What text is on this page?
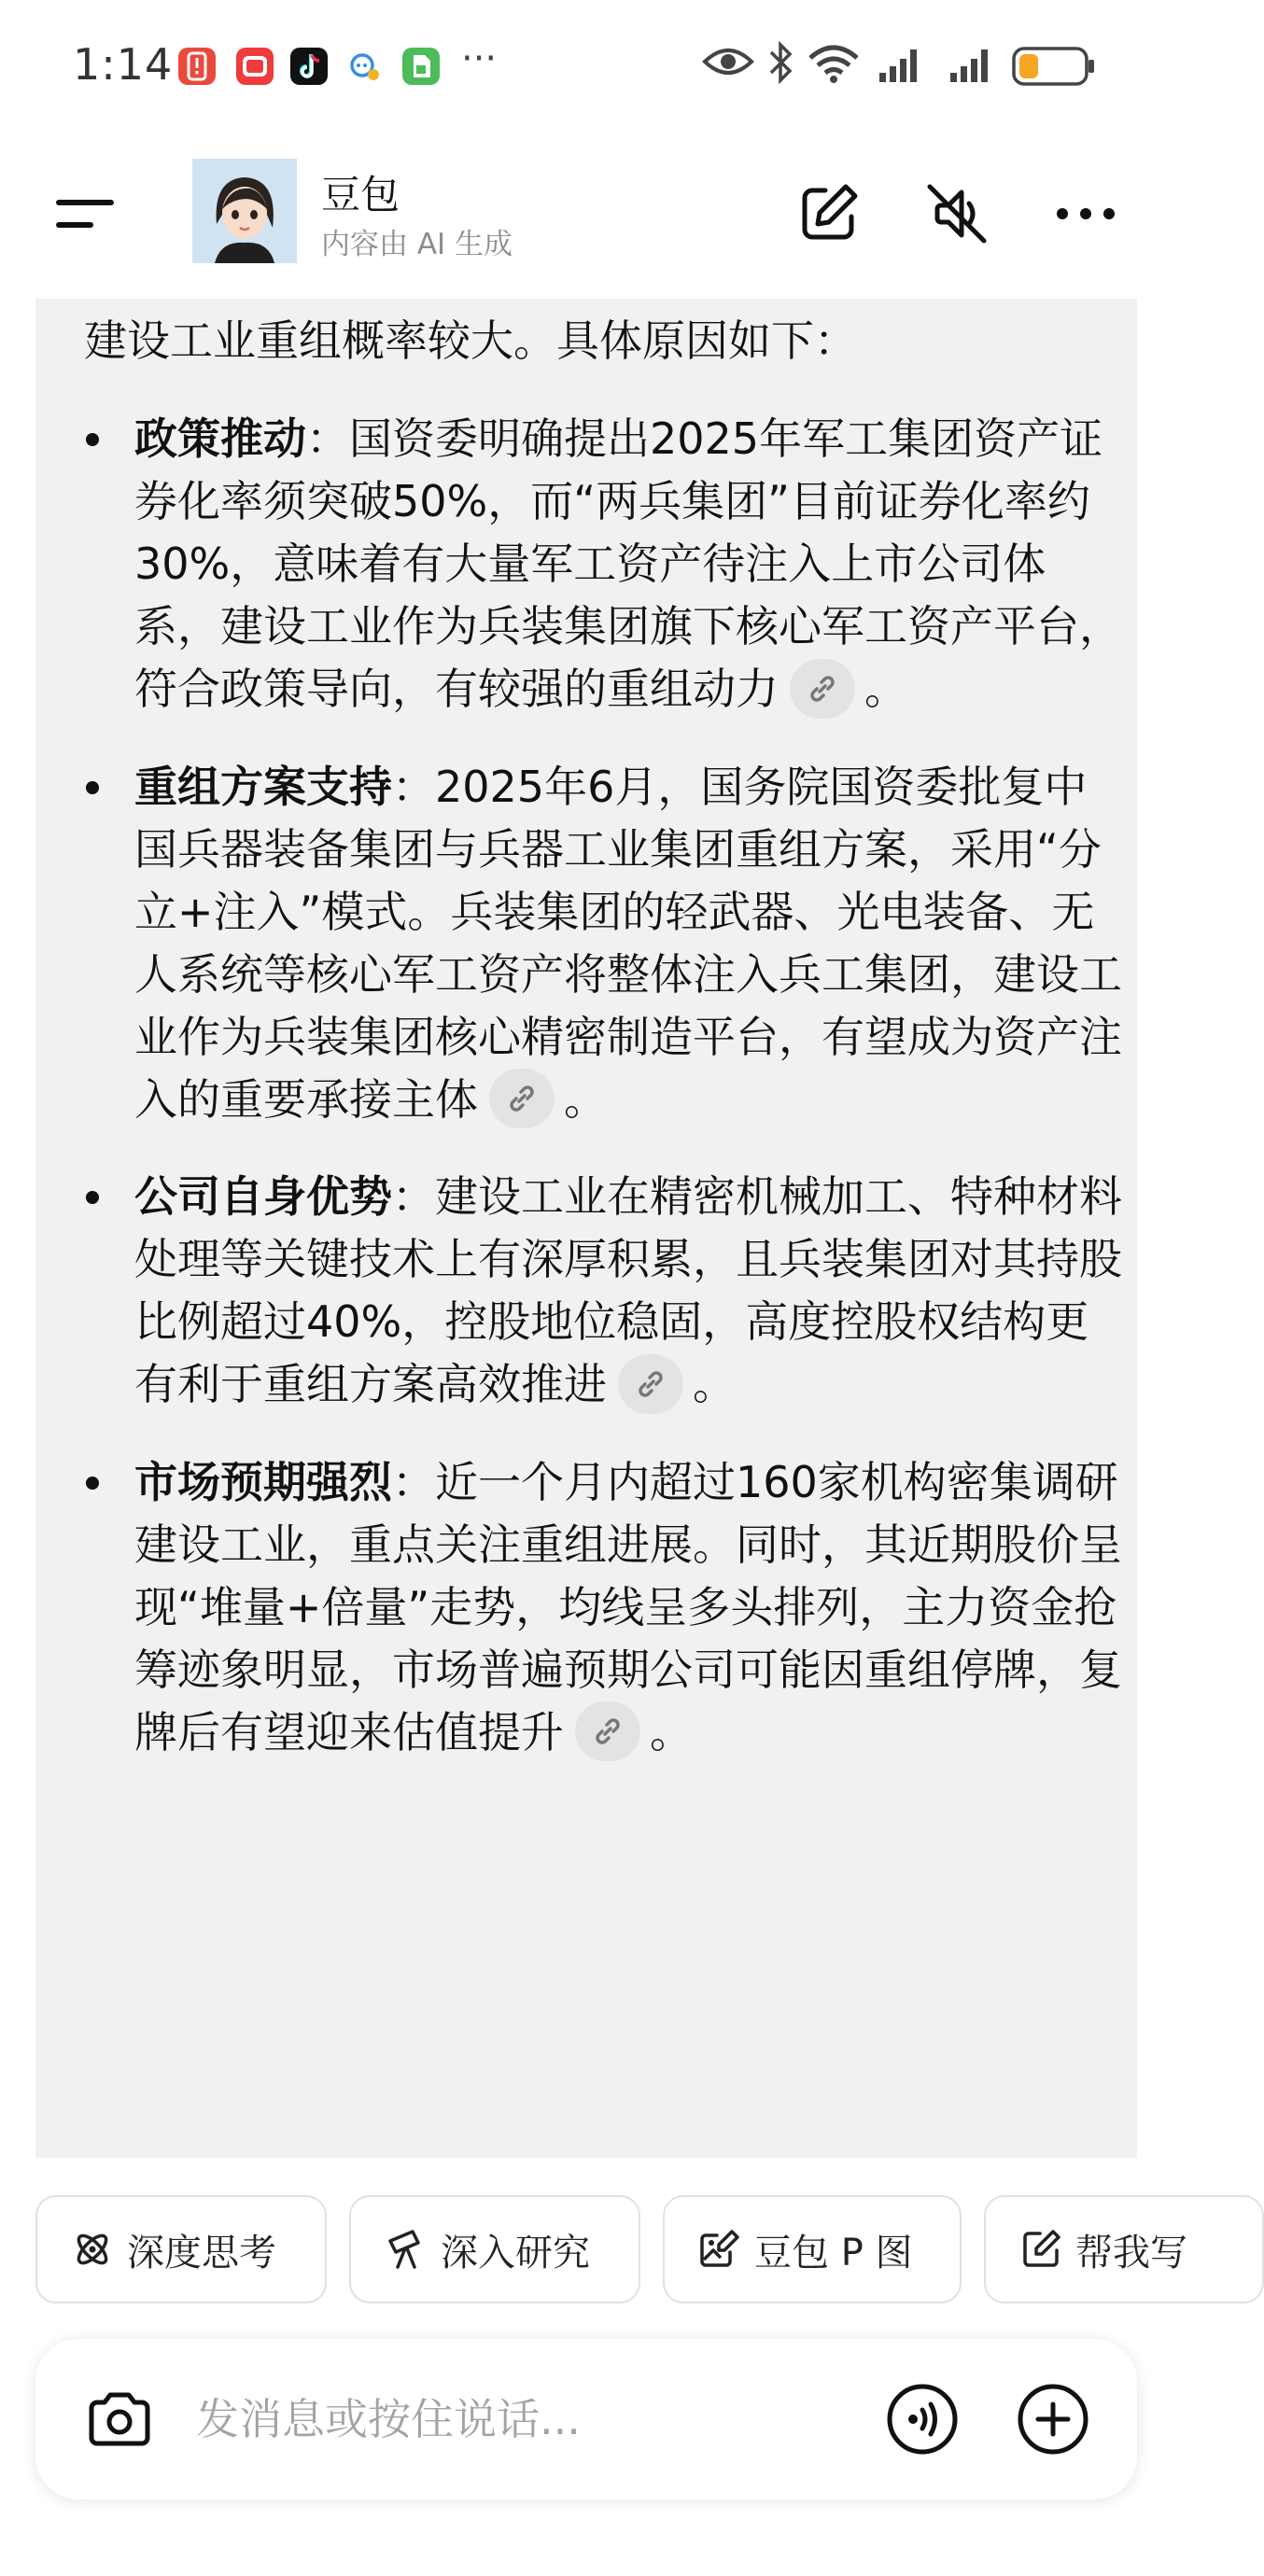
1:14	···
豆包
内容由 AI 生成

建设工业重组概率较大。具体原因如下：

政策推动：国资委明确提出2025年军工集团资产证券化率须突破50%，而“两兵集团”目前证券化率约30%，意味着有大量军工资产待注入上市公司体系，建设工业作为兵装集团旗下核心军工资产平台，符合政策导向，有较强的重组动力 。
重组方案支持：2025年6月，国务院国资委批复中国兵器装备集团与兵器工业集团重组方案，采用“分立+注入”模式。兵装集团的轻武器、光电装备、无人系统等核心军工资产将整体注入兵工集团，建设工业作为兵装集团核心精密制造平台，有望成为资产注入的重要承接主体 。
公司自身优势：建设工业在精密机械加工、特种材料处理等关键技术上有深厚积累，且兵装集团对其持股比例超过40%，控股地位稳固，高度控股权结构更有利于重组方案高效推进 。
市场预期强烈：近一个月内超过160家机构密集调研建设工业，重点关注重组进展。同时，其近期股价呈现“堆量+倍量”走势，均线呈多头排列，主力资金抢筹迹象明显，市场普遍预期公司可能因重组停牌，复牌后有望迎来估值提升 。
深度思考	深入研究	豆包 P 图	帮我写
发消息或按住说话...
